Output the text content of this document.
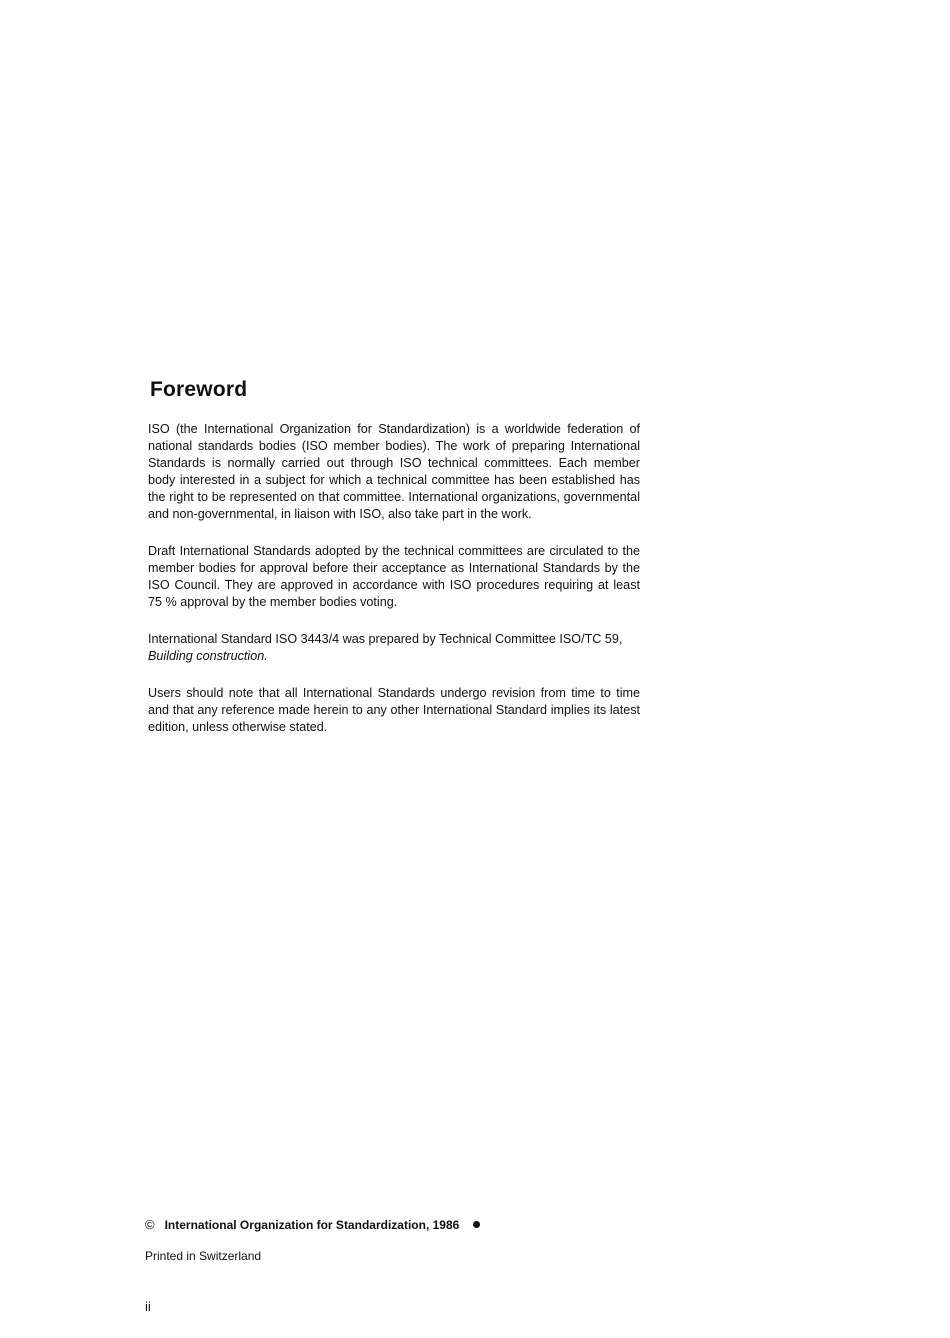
Foreword

ISO (the International Organization for Standardization) is a worldwide federation of national standards bodies (ISO member bodies). The work of preparing International Standards is normally carried out through ISO technical committees. Each member body interested in a subject for which a technical committee has been established has the right to be represented on that committee. International organizations, governmental and non-governmental, in liaison with ISO, also take part in the work.

Draft International Standards adopted by the technical committees are circulated to the member bodies for approval before their acceptance as International Standards by the ISO Council. They are approved in accordance with ISO procedures requiring at least 75 % approval by the member bodies voting.

International Standard ISO 3443/4 was prepared by Technical Committee ISO/TC 59,
Building construction.

Users should note that all International Standards undergo revision from time to time and that any reference made herein to any other International Standard implies its latest edition, unless otherwise stated.

© International Organization for Standardization, 1986
Printed in Switzerland
ii
